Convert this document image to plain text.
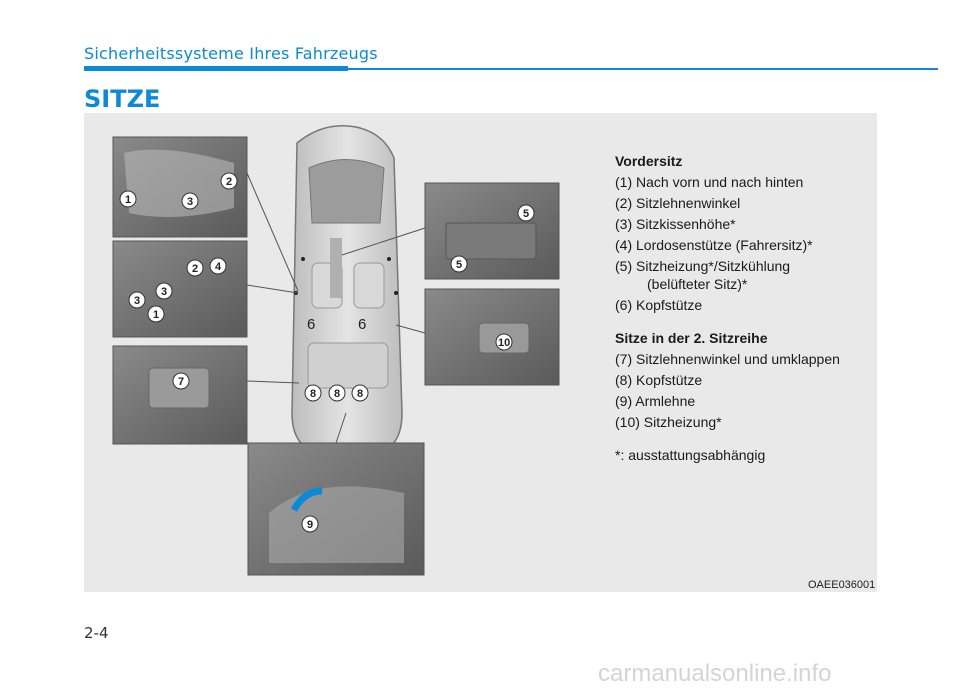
Sicherheitssysteme Ihres Fahrzeugs
SITZE
6	6
1
2
3
3
3
1
2 4
7
5
5
10
8 8 8
9
OAEE036001
Vordersitz
(1) Nach vorn und nach hinten
(2) Sitzlehnenwinkel
(3) Sitzkissenhöhe*
(4) Lordosenstütze (Fahrersitz)*
(5) Sitzheizung*/Sitzkühlung
(belüfteter Sitz)*
(6) Kopfstütze
Sitze in der 2. Sitzreihe
(7) Sitzlehnenwinkel und umklappen
(8) Kopfstütze
(9) Armlehne
(10) Sitzheizung*
*: ausstattungsabhängig
2-4
carmanualsonline.info
